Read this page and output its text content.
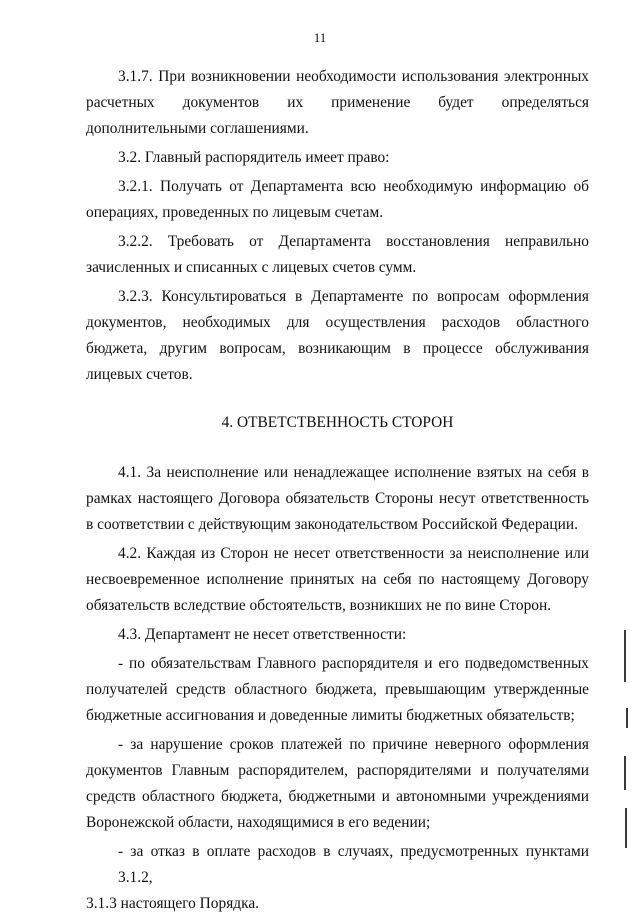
11
3.1.7. При возникновении необходимости использования электронных
расчетных документов их применение будет определяться дополнительными соглашениями.
3.2. Главный распорядитель имеет право:
3.2.1. Получать от Департамента всю необходимую информацию об
операциях, проведенных по лицевым счетам.
3.2.2. Требовать от Департамента восстановления неправильно
зачисленных и списанных с лицевых счетов сумм.
3.2.3. Консультироваться в Департаменте по вопросам оформления
документов, необходимых для осуществления расходов областного бюджета, другим вопросам, возникающим в процессе обслуживания лицевых счетов.
4. ОТВЕТСТВЕННОСТЬ СТОРОН
4.1. За неисполнение или ненадлежащее исполнение взятых на себя в
рамках настоящего Договора обязательств Стороны несут ответственность в соответствии с действующим законодательством Российской Федерации.
4.2. Каждая из Сторон не несет ответственности за неисполнение или
несвоевременное исполнение принятых на себя по настоящему Договору обязательств вследствие обстоятельств, возникших не по вине Сторон.
4.3. Департамент не несет ответственности:
- по обязательствам Главного распорядителя и его подведомственных
получателей средств областного бюджета, превышающим утвержденные бюджетные ассигнования и доведенные лимиты бюджетных обязательств;
- за нарушение сроков платежей по причине неверного оформления
документов Главным распорядителем, распорядителями и получателями средств областного бюджета, бюджетными и автономными учреждениями Воронежской области, находящимися в его ведении;
- за отказ в оплате расходов в случаях, предусмотренных пунктами 3.1.2,
3.1.3 настоящего Порядка.
